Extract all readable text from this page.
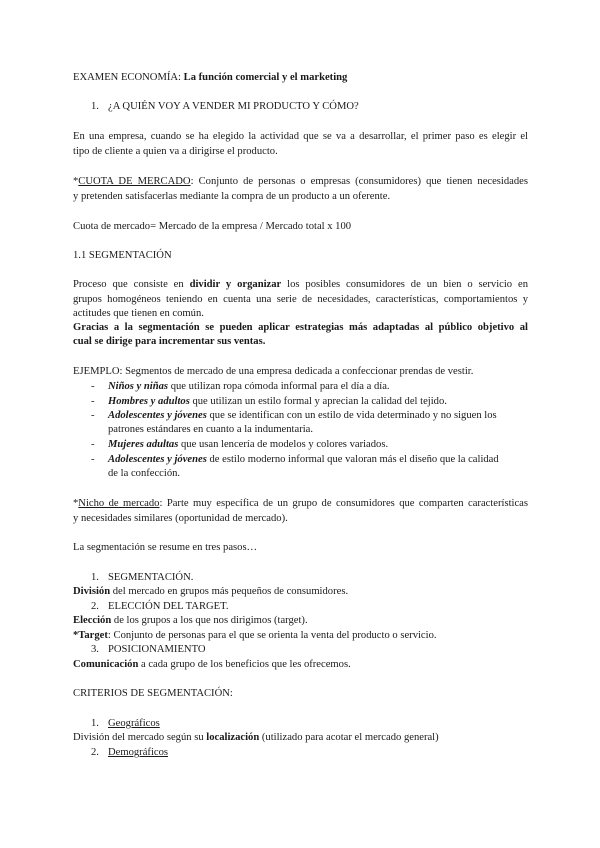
EXAMEN ECONOMÍA: La función comercial y el marketing
1. ¿A QUIÉN VOY A VENDER MI PRODUCTO Y CÓMO?
En una empresa, cuando se ha elegido la actividad que se va a desarrollar, el primer paso es elegir el
tipo de cliente a quien va a dirigirse el producto.
*CUOTA DE MERCADO: Conjunto de personas o empresas (consumidores) que tienen necesidades
y pretenden satisfacerlas mediante la compra de un producto a un oferente.
Cuota de mercado= Mercado de la empresa / Mercado total x 100
1.1 SEGMENTACIÓN
Proceso que consiste en dividir y organizar los posibles consumidores de un bien o servicio en
grupos homogéneos teniendo en cuenta una serie de necesidades, características, comportamientos y
actitudes que tienen en común.
Gracias a la segmentación se pueden aplicar estrategias más adaptadas al público objetivo al
cual se dirige para incrementar sus ventas.
EJEMPLO: Segmentos de mercado de una empresa dedicada a confeccionar prendas de vestir.
- Niños y niñas que utilizan ropa cómoda informal para el día a día.
- Hombres y adultos que utilizan un estilo formal y aprecian la calidad del tejido.
- Adolescentes y jóvenes que se identifican con un estilo de vida determinado y no siguen los
patrones estándares en cuanto a la indumentaria.
- Mujeres adultas que usan lencería de modelos y colores variados.
- Adolescentes y jóvenes de estilo moderno informal que valoran más el diseño que la calidad
de la confección.
*Nicho de mercado: Parte muy específica de un grupo de consumidores que comparten características
y necesidades similares (oportunidad de mercado).
La segmentación se resume en tres pasos…
1. SEGMENTACIÓN.
División del mercado en grupos más pequeños de consumidores.
2. ELECCIÓN DEL TARGET.
Elección de los grupos a los que nos dirigimos (target).
*Target: Conjunto de personas para el que se orienta la venta del producto o servicio.
3. POSICIONAMIENTO
Comunicación a cada grupo de los beneficios que les ofrecemos.
CRITERIOS DE SEGMENTACIÓN:
1. Geográficos
División del mercado según su localización (utilizado para acotar el mercado general)
2. Demográficos
